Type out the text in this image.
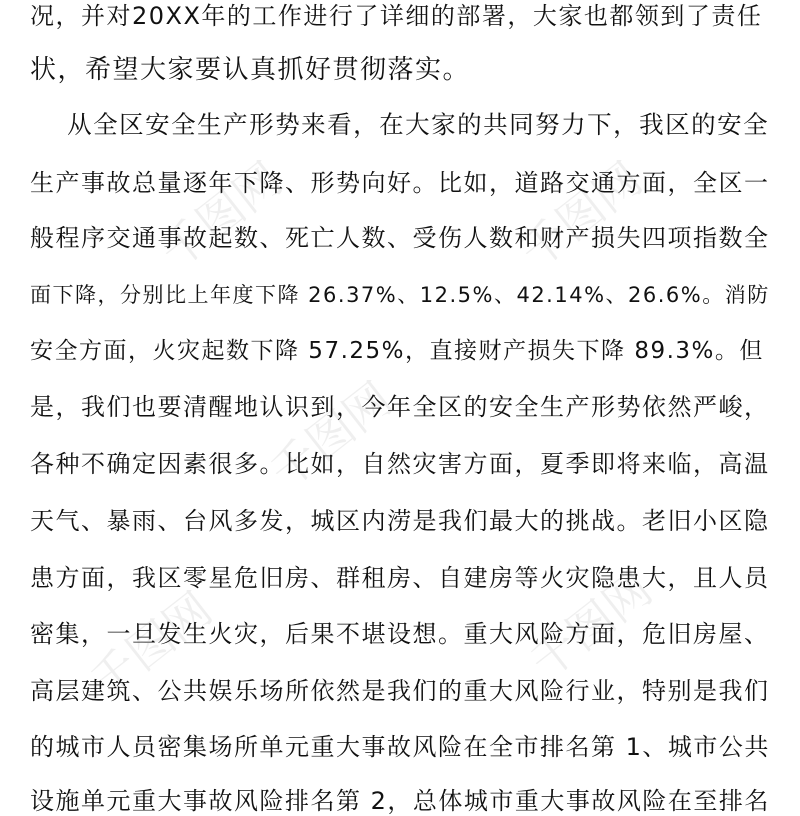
千图网	千图网
千图网
千图网	千图网
况，并对20XX年的工作进行了详细的部署，大家也都领到了责任
状，希望大家要认真抓好贯彻落实。
从全区安全生产形势来看，在大家的共同努力下，我区的安全
生产事故总量逐年下降、形势向好。比如，道路交通方面，全区一
般程序交通事故起数、死亡人数、受伤人数和财产损失四项指数全
面下降，分别比上年度下降 26.37%、12.5%、42.14%、26.6%。消防
安全方面，火灾起数下降 57.25%，直接财产损失下降 89.3%。但
是，我们也要清醒地认识到，今年全区的安全生产形势依然严峻，
各种不确定因素很多。比如，自然灾害方面，夏季即将来临，高温
天气、暴雨、台风多发，城区内涝是我们最大的挑战。老旧小区隐
患方面，我区零星危旧房、群租房、自建房等火灾隐患大，且人员
密集，一旦发生火灾，后果不堪设想。重大风险方面，危旧房屋、
高层建筑、公共娱乐场所依然是我们的重大风险行业，特别是我们
的城市人员密集场所单元重大事故风险在全市排名第 1、城市公共
设施单元重大事故风险排名第 2，总体城市重大事故风险在至排名
